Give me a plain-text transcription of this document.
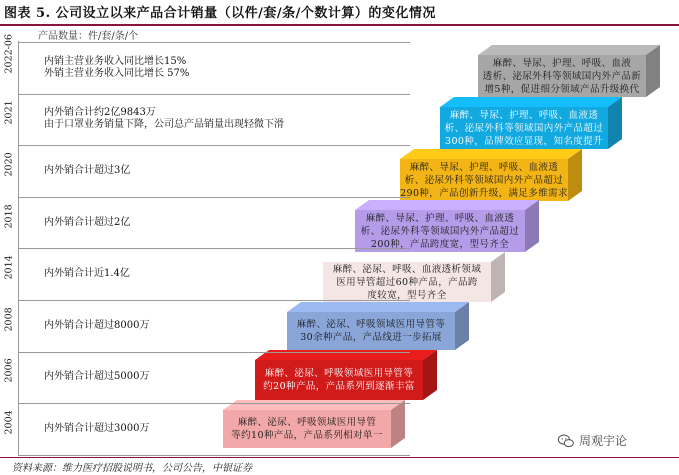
图表 5. 公司设立以来产品合计销量（以件/套/条/个数计算）的变化情况
产品数量：件/套/条/个
2022-06	内销主营业务收入同比增长15%
外销主营业务收入同比增长 57%
2021	内外销合计约2亿9843万
由于口罩业务销量下降，公司总产品销量出现轻微下滑
2020	内外销合计超过3亿
2018	内外销合计超过2亿
2014	内外销合计近1.4亿
2008	内外销合计超过8000万
2006	内外销合计超过5000万
2004	内外销合计超过3000万
麻醉、导尿、护理、呼吸、血液
透析、泌尿外科等领域国内外产品新
增5种，促进细分领域产品升级换代
麻醉、导尿、护理、呼吸、血液透
析、泌尿外科等领域国内外产品超过
300种，品牌效应显现，知名度提升
麻醉、导尿、护理、呼吸、血液透
析、泌尿外科等领域国内外产品超过
290种，产品创新升级，满足多维需求
麻醉、导尿、护理、呼吸、血液透
析、泌尿外科等领域国内外产品超过
200种，产品跨度宽，型号齐全
麻醉、泌尿、呼吸、血液透析领域
医用导管超过60种产品，产品跨
度较宽，型号齐全
麻醉、泌尿、呼吸领域医用导管等
30余种产品，产品线进一步拓展
麻醉、泌尿、呼吸领域医用导管等
约20种产品，产品系列到逐渐丰富
麻醉、泌尿、呼吸领域医用导管
等约10种产品，产品系列相对单一
资料来源：维力医疗招股说明书，公司公告，中银证券
周观宇论
